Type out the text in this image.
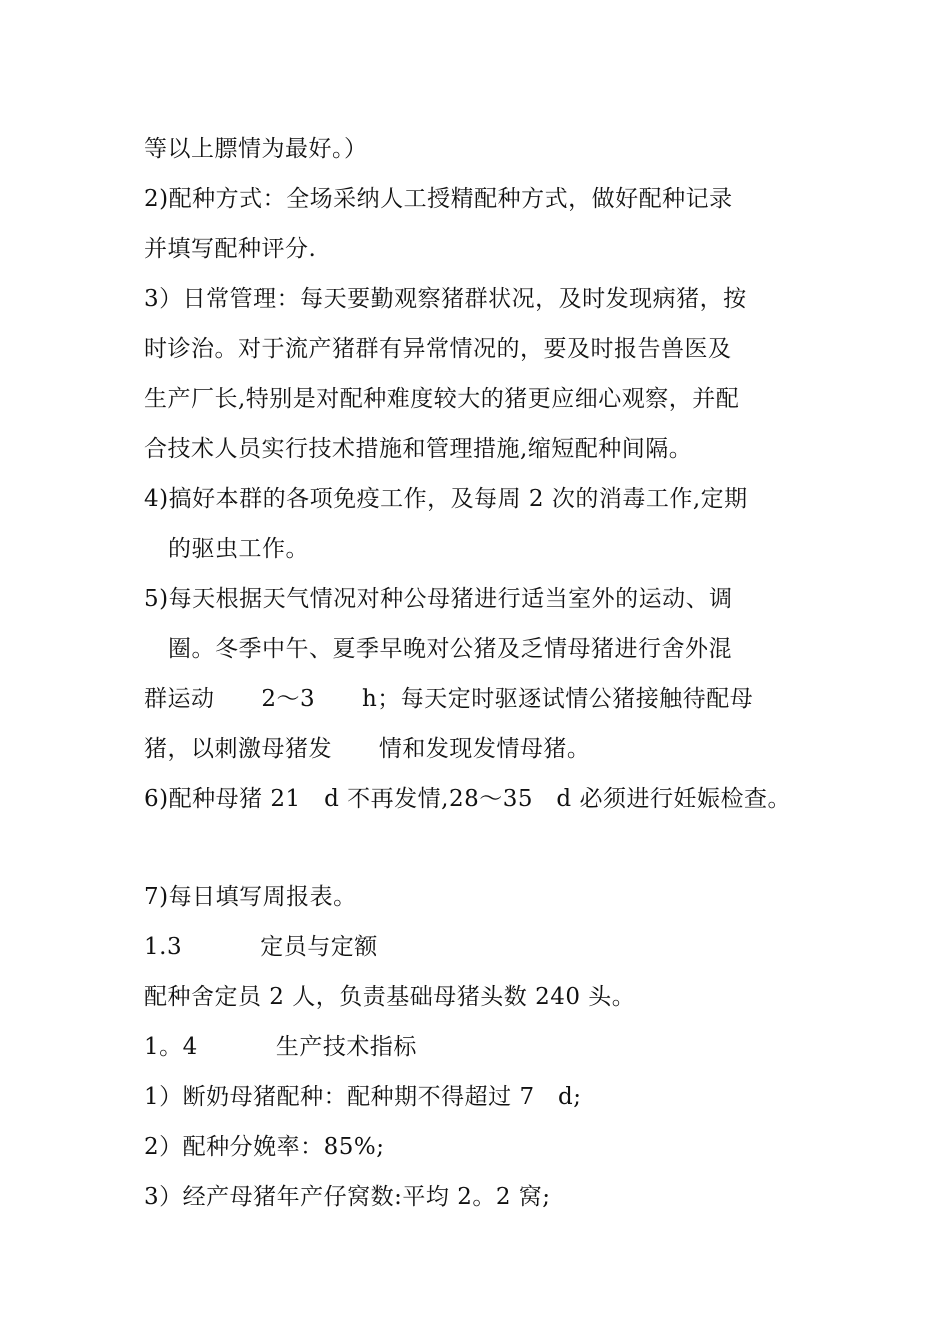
等以上膘情为最好。）
2)配种方式：全场采纳人工授精配种方式，做好配种记录
并填写配种评分.
3）日常管理：每天要勤观察猪群状况，及时发现病猪，按
时诊治。对于流产猪群有异常情况的，要及时报告兽医及
生产厂长,特别是对配种难度较大的猪更应细心观察，并配
合技术人员实行技术措施和管理措施,缩短配种间隔。
4)搞好本群的各项免疫工作，及每周 2 次的消毒工作,定期
的驱虫工作。
5)每天根据天气情况对种公母猪进行适当室外的运动、调
圈。冬季中午、夏季早晚对公猪及乏情母猪进行舍外混
群运动      2～3      h；每天定时驱逐试情公猪接触待配母
猪，以刺激母猪发      情和发现发情母猪。
6)配种母猪 21   d 不再发情,28～35   d 必须进行妊娠检查。
7)每日填写周报表。
1.3          定员与定额
配种舍定员 2 人，负责基础母猪头数 240 头。
1。4          生产技术指标
1）断奶母猪配种：配种期不得超过 7   d;
2）配种分娩率：85%;
3）经产母猪年产仔窝数:平均 2。2 窝;
